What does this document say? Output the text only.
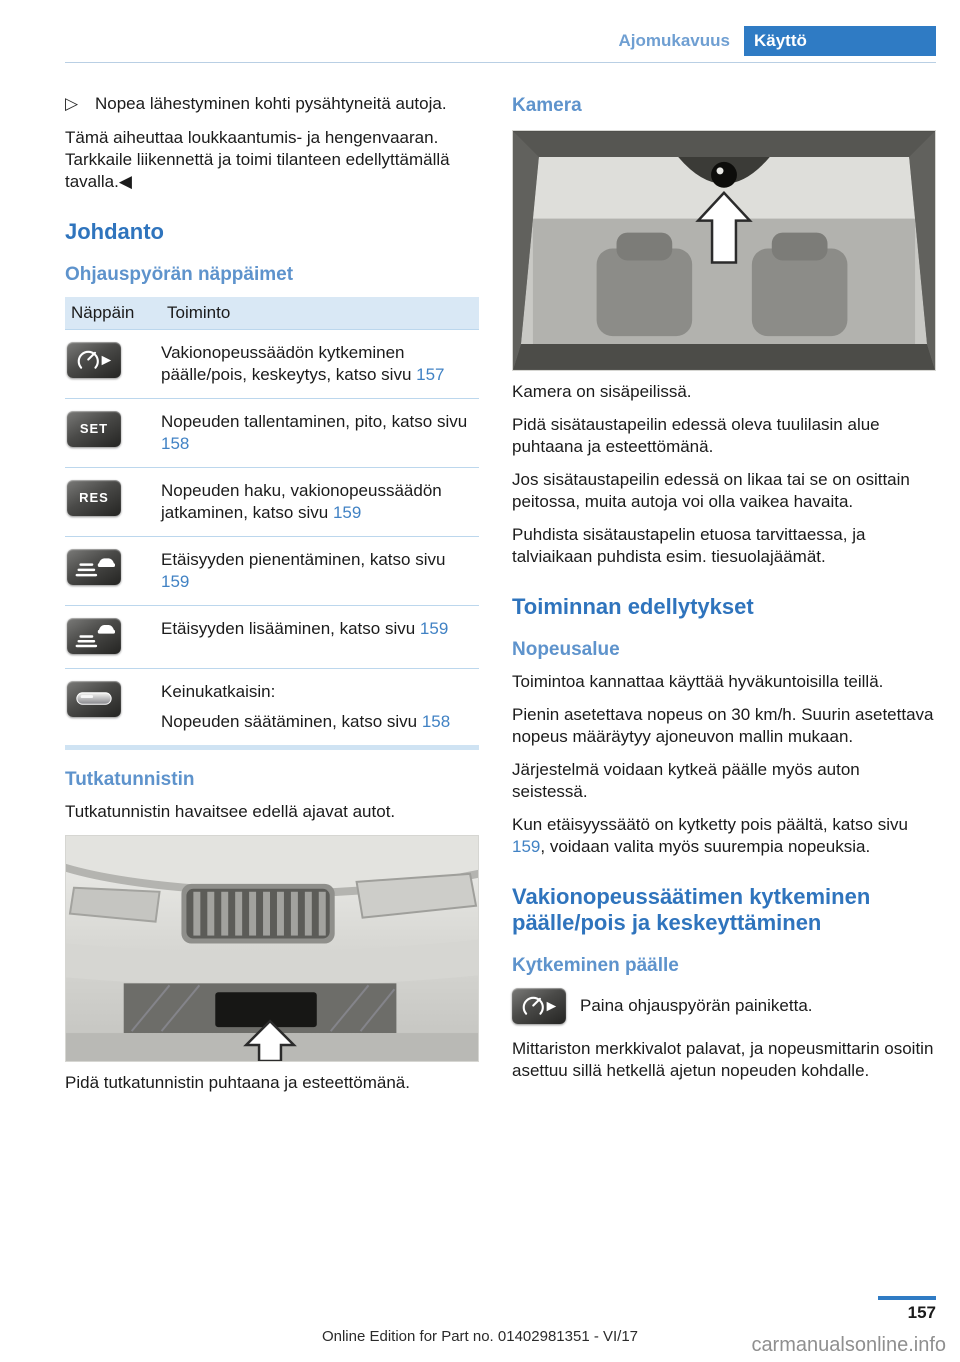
Ajomukavuus	Käyttö
▷ Nopea lähestyminen kohti pysähtyneitä autoja.

Tämä aiheuttaa loukkaantumis- ja hengenvaaran. Tarkkaile liikennettä ja toimi tilanteen edellyttämällä tavalla.◀

Johdanto
Ohjauspyörän näppäimet
Näppäin	Toiminto

	Vakionopeussäädön kytkeminen päälle/pois, keskeytys, katso sivu 157
SET	Nopeuden tallentaminen, pito, katso sivu 158
RES	Nopeuden haku, vakionopeussäädön jatkaminen, katso sivu 159

	Etäisyyden pienentäminen, katso sivu 159

	Etäisyyden lisääminen, katso sivu 159

Keinukatkaisin:
Nopeuden säätäminen, katso sivu 158
Tutkatunnistin

Tutkatunnistin havaitsee edellä ajavat autot.

Pidä tutkatunnistin puhtaana ja esteettömänä.

Kamera

Kamera on sisäpeilissä.

Pidä sisätaustapeilin edessä oleva tuulilasin alue puhtaana ja esteettömänä.

Jos sisätaustapeilin edessä on likaa tai se on osittain peitossa, muita autoja voi olla vaikea havaita.

Puhdista sisätaustapelin etuosa tarvittaessa, ja talviaikaan puhdista esim. tiesuolajäämät.

Toiminnan edellytykset
Nopeusalue

Toimintoa kannattaa käyttää hyväkuntoisilla teillä.

Pienin asetettava nopeus on 30 km/h. Suurin asetettava nopeus määräytyy ajoneuvon mallin mukaan.

Järjestelmä voidaan kytkeä päälle myös auton seistessä.

Kun etäisyyssäätö on kytketty pois päältä, katso sivu 159, voidaan valita myös suurempia nopeuksia.

Vakionopeussäätimen kytkeminen päälle/pois ja keskeyttäminen
Kytkeminen päälle

Paina ohjauspyörän painiketta.

Mittariston merkkivalot palavat, ja nopeusmittarin osoitin asettuu sillä hetkellä ajetun nopeuden kohdalle.

157
Online Edition for Part no. 01402981351 - VI/17	carmanualsonline.info
